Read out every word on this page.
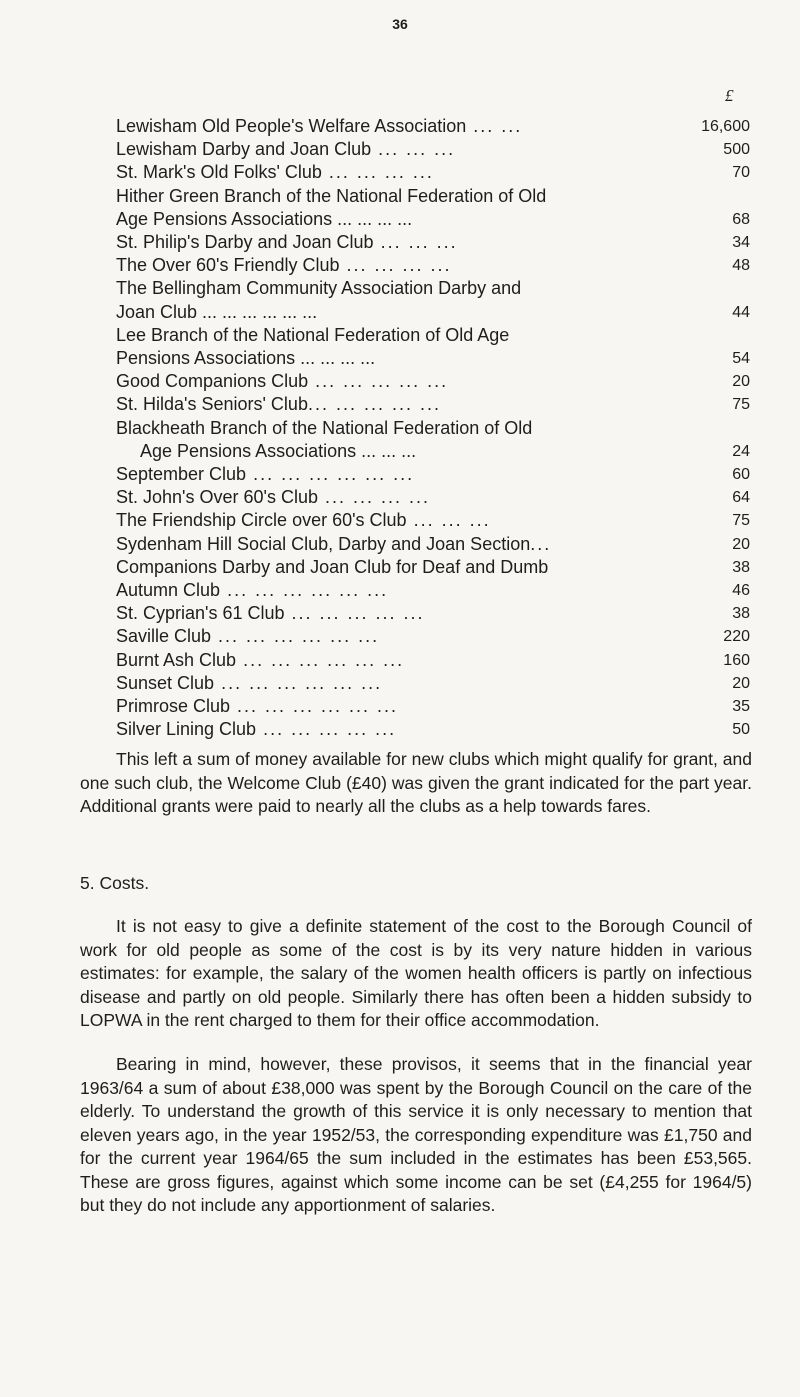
36
£
Lewisham Old People's Welfare Association ... ...	16,600
Lewisham Darby and Joan Club ... ... ...	500
St. Mark's Old Folks' Club ... ... ... ...	70
Hither Green Branch of the National Federation of Old
Age Pensions Associations ... ... ... ...	68
St. Philip's Darby and Joan Club ... ... ...	34
The Over 60's Friendly Club ... ... ... ...	48
The Bellingham Community Association Darby and
Joan Club ... ... ... ... ... ...	44
Lee Branch of the National Federation of Old Age
Pensions Associations ... ... ... ...	54
Good Companions Club ... ... ... ... ...	20
St. Hilda's Seniors' Club... ... ... ... ...	75
Blackheath Branch of the National Federation of Old
Age Pensions Associations ... ... ...	24
September Club ... ... ... ... ... ...	60
St. John's Over 60's Club ... ... ... ...	64
The Friendship Circle over 60's Club ... ... ...	75
Sydenham Hill Social Club, Darby and Joan Section...	20
Companions Darby and Joan Club for Deaf and Dumb	38
Autumn Club ... ... ... ... ... ...	46
St. Cyprian's 61 Club ... ... ... ... ...	38
Saville Club ... ... ... ... ... ...	220
Burnt Ash Club ... ... ... ... ... ...	160
Sunset Club ... ... ... ... ... ...	20
Primrose Club ... ... ... ... ... ...	35
Silver Lining Club ... ... ... ... ...	50

This left a sum of money available for new clubs which might qualify for grant, and one such club, the Welcome Club (£40) was given the grant indicated for the part year. Additional grants were paid to nearly all the clubs as a help towards fares.

5. Costs.

It is not easy to give a definite statement of the cost to the Borough Council of work for old people as some of the cost is by its very nature hidden in various estimates: for example, the salary of the women health officers is partly on infectious disease and partly on old people. Similarly there has often been a hidden subsidy to LOPWA in the rent charged to them for their office accommodation.

Bearing in mind, however, these provisos, it seems that in the financial year 1963/64 a sum of about £38,000 was spent by the Borough Council on the care of the elderly. To understand the growth of this service it is only necessary to mention that eleven years ago, in the year 1952/53, the corresponding expenditure was £1,750 and for the current year 1964/65 the sum included in the estimates has been £53,565. These are gross figures, against which some income can be set (£4,255 for 1964/5) but they do not include any apportionment of salaries.
